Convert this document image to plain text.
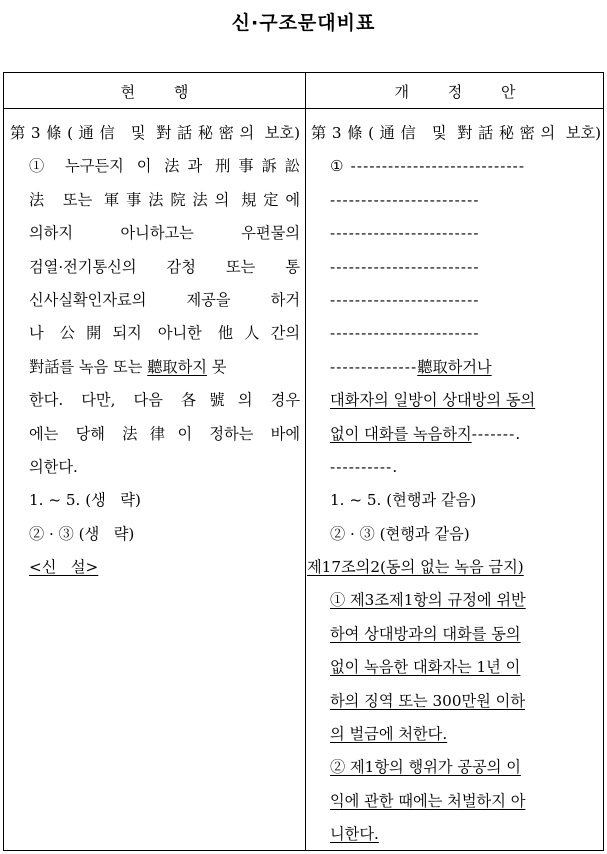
신·구조문대비표
현 행	개 정 안
第3條(通信 및 對話秘密의 보호)
① 누구든지 이 法과 刑事訴訟
法 또는 軍事法院法의 規定에
의하지 아니하고는 우편물의
검열·전기통신의 감청 또는 통
신사실확인자료의 제공을 하거
나 公開되지 아니한 他人간의
對話를 녹음 또는 聽取하지 못
한다. 다만, 다음 各號의 경우
에는 당해 法律이 정하는 바에
의한다.
1. ~ 5. (생   략)
② · ③ (생   략)
<신   설>
第3條(通信 및 對話秘密의 보호)
① ----------------------------
------------------------
------------------------
------------------------
------------------------
------------------------
--------------聽取하거나
대화자의 일방이 상대방의 동의
없이 대화를 녹음하지-------.
----------.
1. ~ 5. (현행과 같음)
② · ③ (현행과 같음)
제17조의2(동의 없는 녹음 금지)
① 제3조제1항의 규정에 위반
하여 상대방과의 대화를 동의
없이 녹음한 대화자는 1년 이
하의 징역 또는 300만원 이하
의 벌금에 처한다.
② 제1항의 행위가 공공의 이
익에 관한 때에는 처벌하지 아
니한다.
